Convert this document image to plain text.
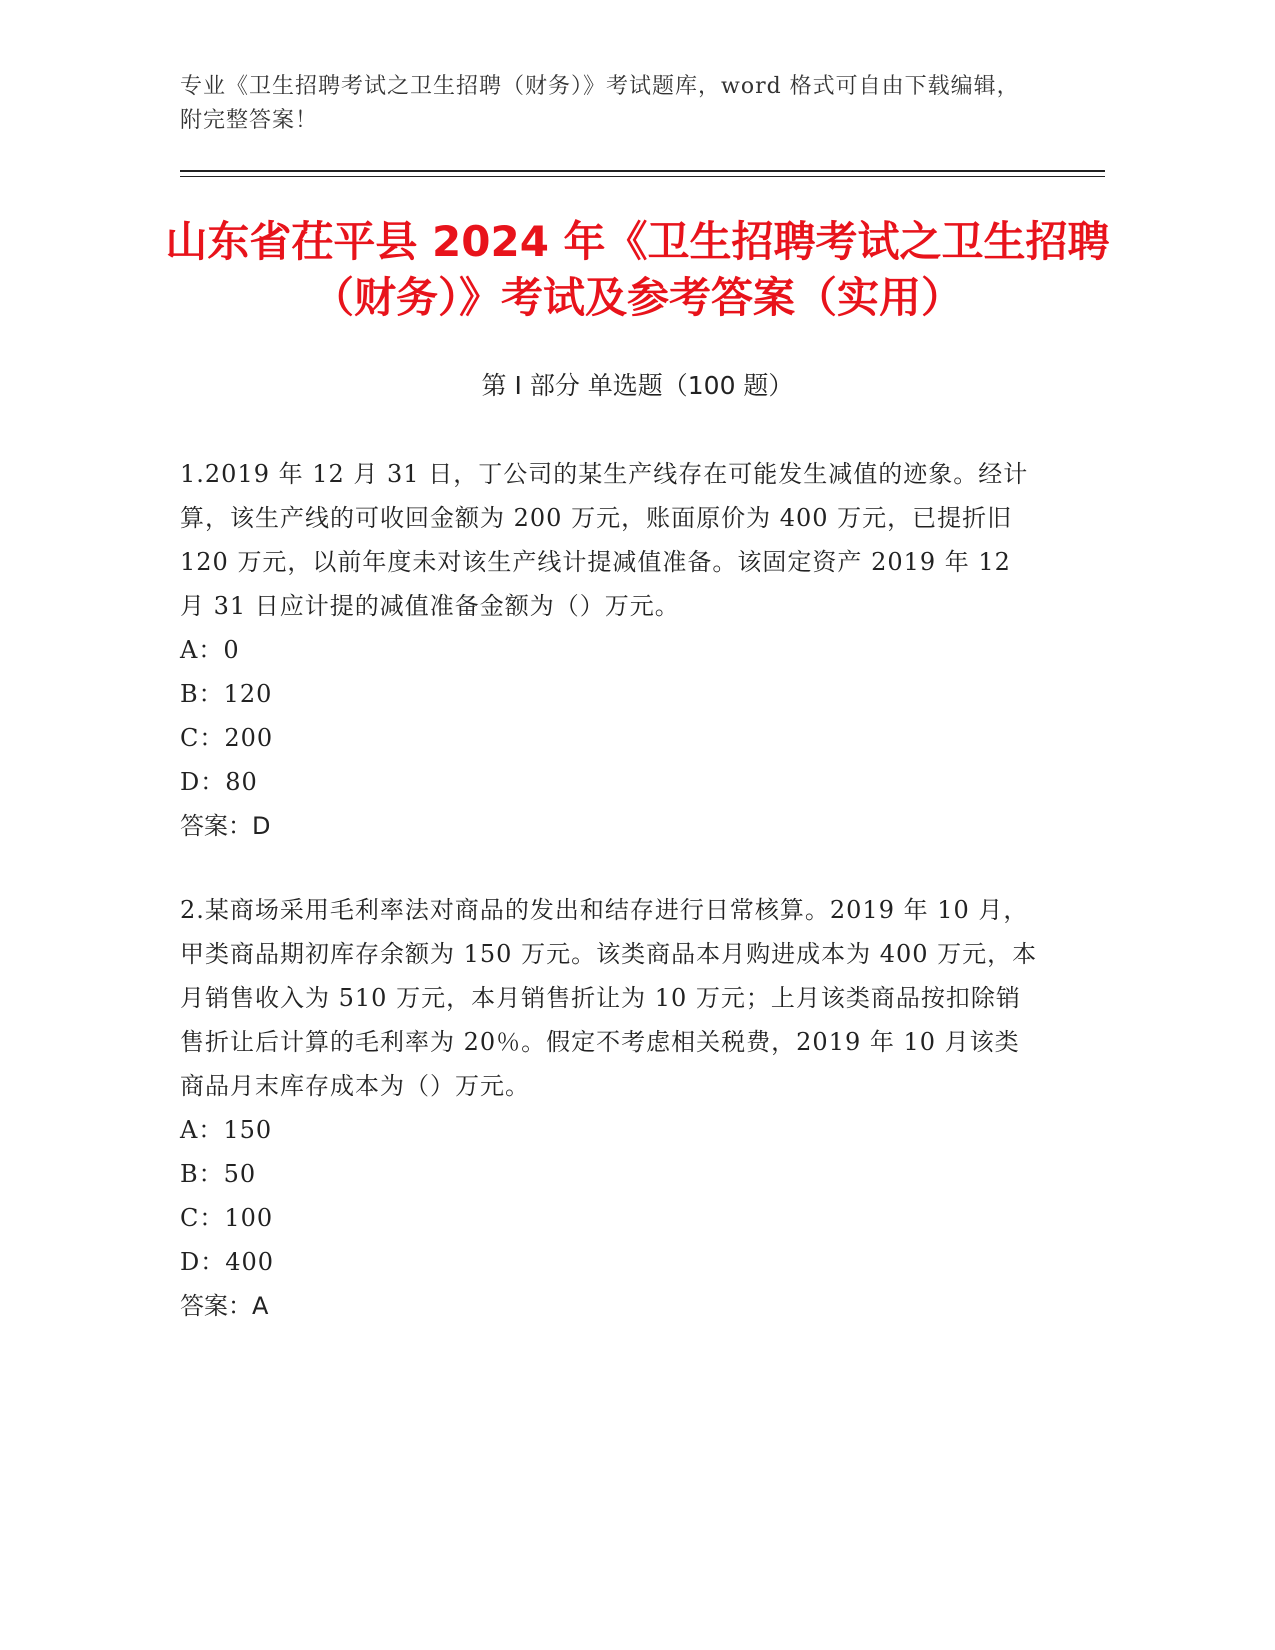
专业《卫生招聘考试之卫生招聘（财务）》考试题库，word 格式可自由下载编辑，附完整答案！
山东省茌平县 2024 年《卫生招聘考试之卫生招聘（财务）》考试及参考答案（实用）
第 I 部分 单选题（100 题）

1.2019 年 12 月 31 日，丁公司的某生产线存在可能发生减值的迹象。经计算，该生产线的可收回金额为 200 万元，账面原价为 400 万元，已提折旧 120 万元，以前年度未对该生产线计提减值准备。该固定资产 2019 年 12 月 31 日应计提的减值准备金额为（）万元。

A：0

B：120

C：200

D：80

答案：D

2.某商场采用毛利率法对商品的发出和结存进行日常核算。2019 年 10 月，甲类商品期初库存余额为 150 万元。该类商品本月购进成本为 400 万元，本月销售收入为 510 万元，本月销售折让为 10 万元；上月该类商品按扣除销售折让后计算的毛利率为 20％。假定不考虑相关税费，2019 年 10 月该类商品月末库存成本为（）万元。

A：150

B：50

C：100

D：400

答案：A
